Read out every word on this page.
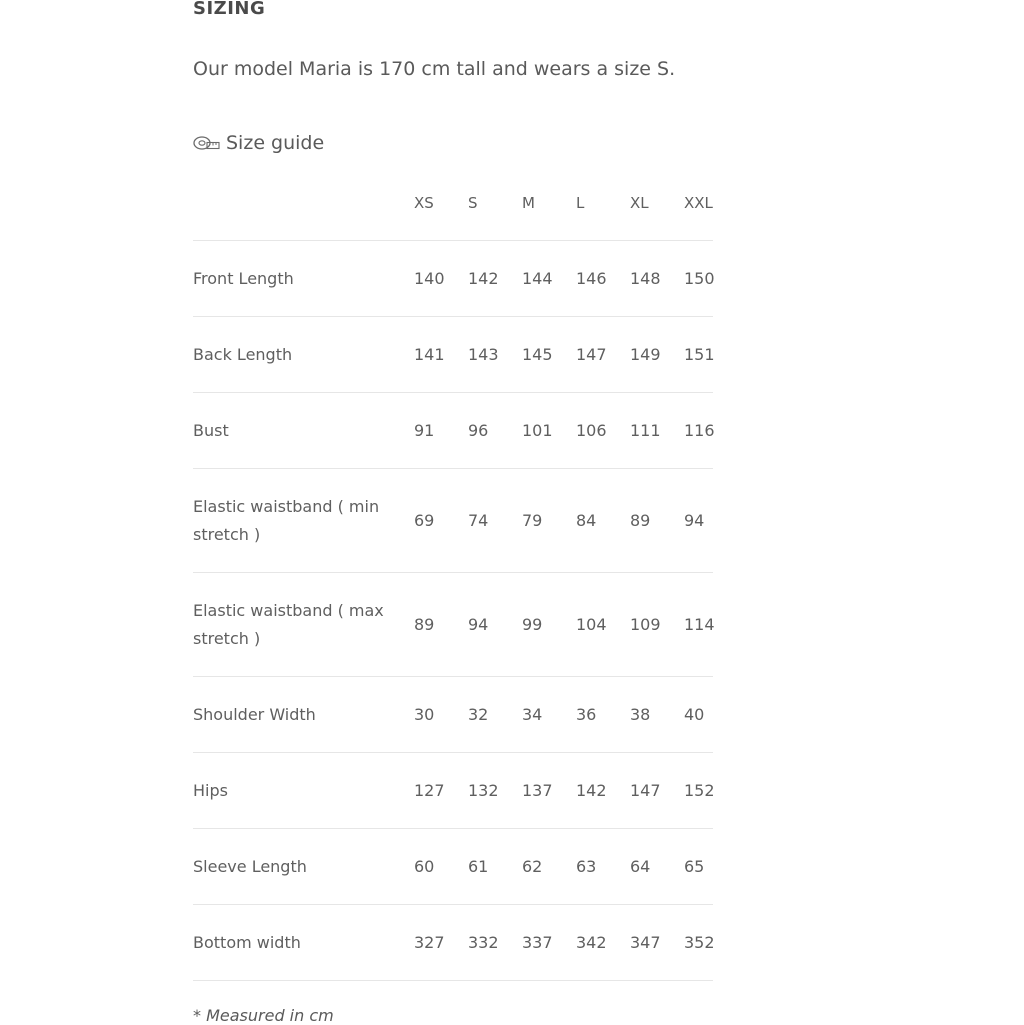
SIZING
Our model Maria is 170 cm tall and wears a size S.
Size guide
	XS	S	M	L	XL	XXL
Front Length	140	142	144	146	148	150
Back Length	141	143	145	147	149	151
Bust	91	96	101	106	111	116
Elastic waistband ( min stretch )	69	74	79	84	89	94
Elastic waistband ( max stretch )	89	94	99	104	109	114
Shoulder Width	30	32	34	36	38	40
Hips	127	132	137	142	147	152
Sleeve Length	60	61	62	63	64	65
Bottom width	327	332	337	342	347	352
* Measured in cm
